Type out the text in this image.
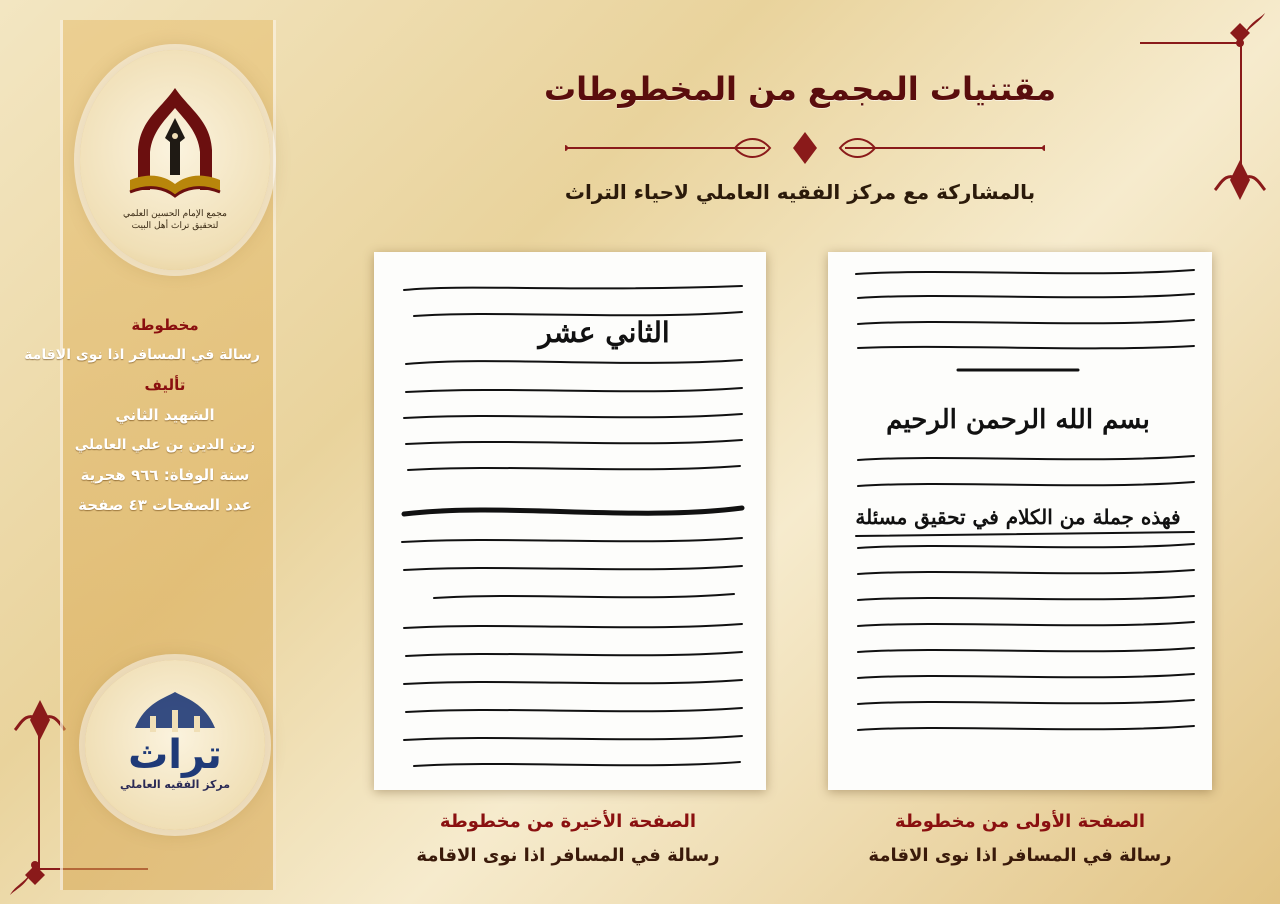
مجمع الإمام الحسين العلمي لتحقيق تراث أهل البيت
مخطوطة
رسالة في المسافر اذا نوى الاقامة
تأليف
الشهيد الثاني
زين الدين بن علي العاملي
سنة الوفاة: ٩٦٦ هجرية
عدد الصفحات ٤٣ صفحة
تراث
مركز الفقيه العاملي
مقتنيات المجمع من المخطوطات
بالمشاركة مع مركز الفقيه العاملي لاحياء التراث
الثاني عشر
بسم الله الرحمن الرحيم
فهذه جملة من الكلام في تحقيق مسئلة
الصفحة الأخيرة من مخطوطة
رسالة في المسافر اذا نوى الاقامة
الصفحة الأولى من مخطوطة
رسالة في المسافر اذا نوى الاقامة
